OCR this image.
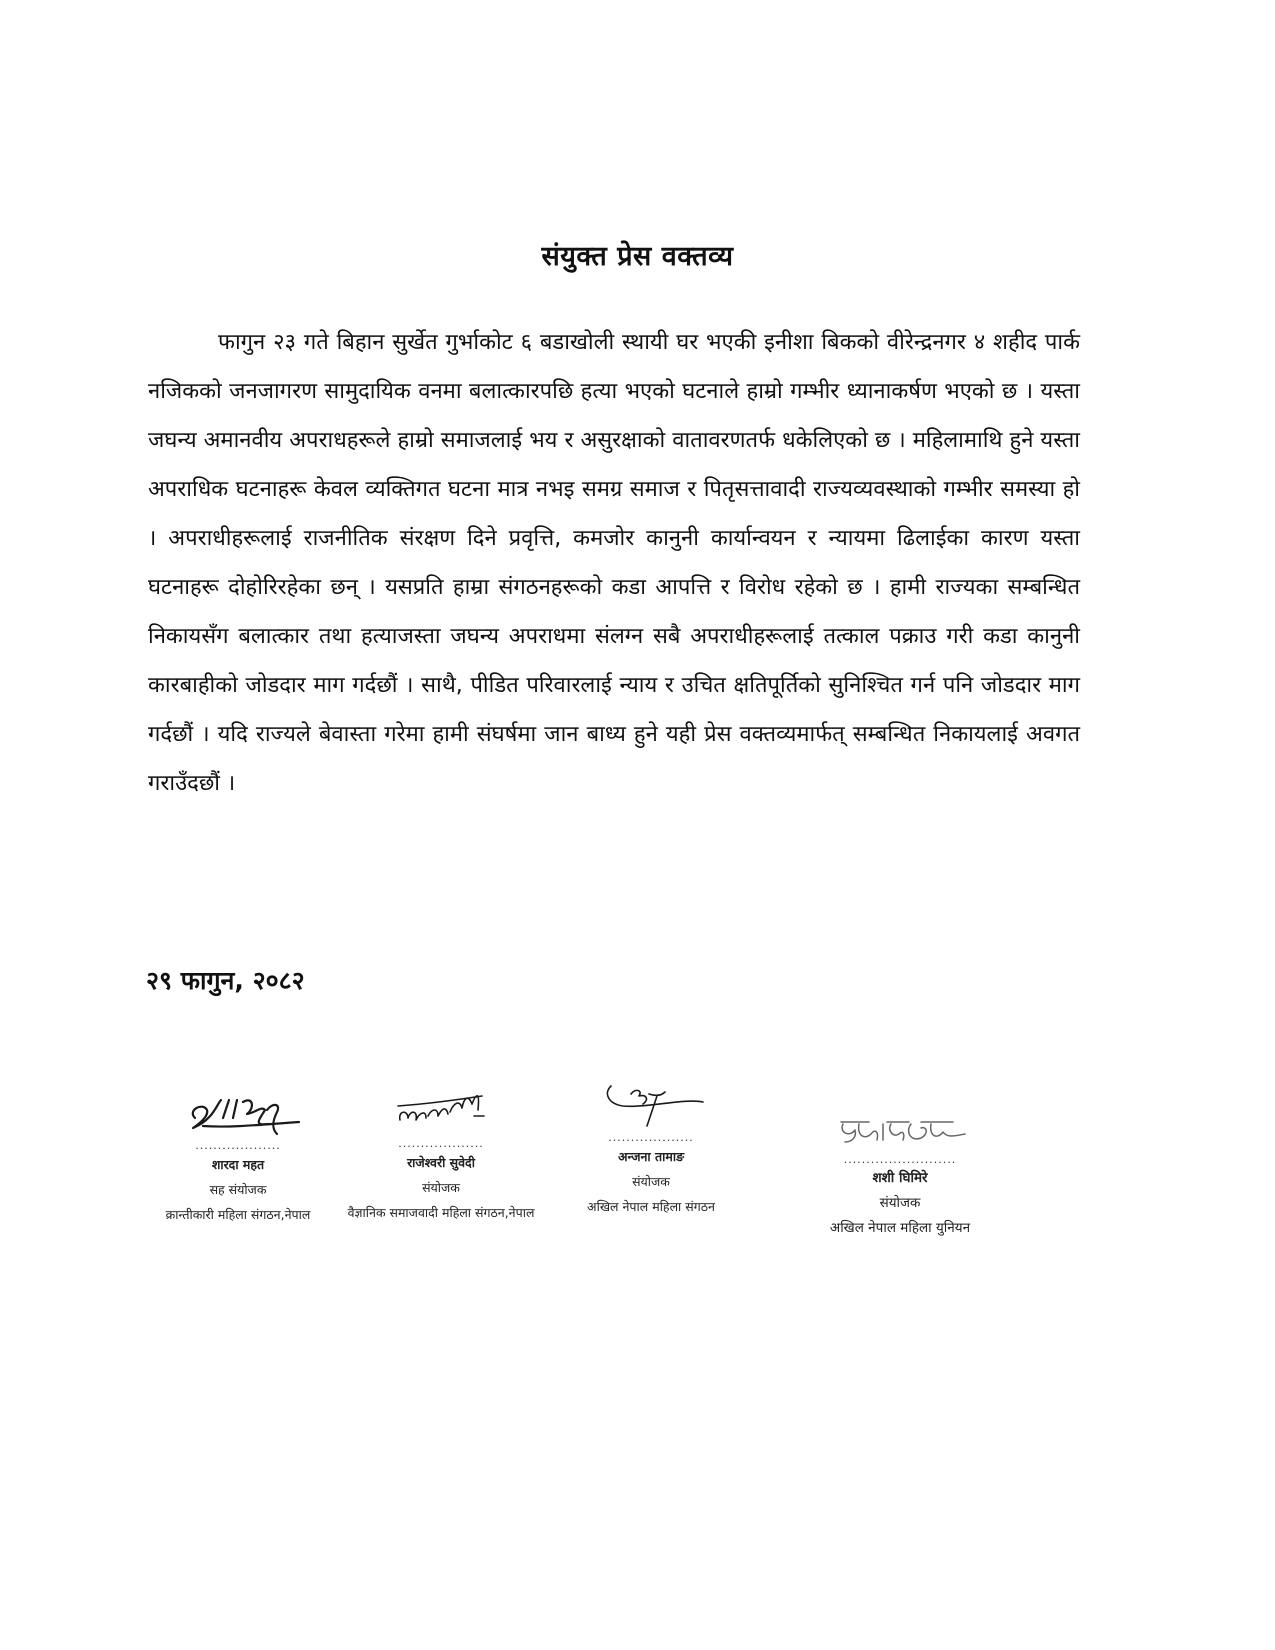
संयुक्त प्रेस वक्तव्य

फागुन २३ गते बिहान सुर्खेत गुर्भाकोट ६ बडाखोली स्थायी घर भएकी इनीशा बिकको वीरेन्द्रनगर ४ शहीद पार्क नजिकको जनजागरण सामुदायिक वनमा बलात्कारपछि हत्या भएको घटनाले हाम्रो गम्भीर ध्यानाकर्षण भएको छ । यस्ता जघन्य अमानवीय अपराधहरूले हाम्रो समाजलाई भय र असुरक्षाको वातावरणतर्फ धकेलिएको छ । महिलामाथि हुने यस्ता अपराधिक घटनाहरू केवल व्यक्तिगत घटना मात्र नभइ समग्र समाज र पितृसत्तावादी राज्यव्यवस्थाको गम्भीर समस्या हो । अपराधीहरूलाई राजनीतिक संरक्षण दिने प्रवृत्ति, कमजोर कानुनी कार्यान्वयन र न्यायमा ढिलाईका कारण यस्ता घटनाहरू दोहोरिरहेका छन् । यसप्रति हाम्रा संगठनहरूको कडा आपत्ति र विरोध रहेको छ । हामी राज्यका सम्बन्धित निकायसँग बलात्कार तथा हत्याजस्ता जघन्य अपराधमा संलग्न सबै अपराधीहरूलाई तत्काल पक्राउ गरी कडा कानुनी कारबाहीको जोडदार माग गर्दछौं । साथै, पीडित परिवारलाई न्याय र उचित क्षतिपूर्तिको सुनिश्चित गर्न पनि जोडदार माग गर्दछौं । यदि राज्यले बेवास्ता गरेमा हामी संघर्षमा जान बाध्य हुने यही प्रेस वक्तव्यमार्फत् सम्बन्धित निकायलाई अवगत गराउँदछौं ।

२९ फागुन, २०८२
...................
शारदा महत
सह संयोजक
क्रान्तीकारी महिला संगठन,नेपाल
...................
राजेश्वरी सुवेदी
संयोजक
वैज्ञानिक समाजवादी महिला संगठन,नेपाल
...................
अन्जना तामाङ
संयोजक
अखिल नेपाल महिला संगठन
.........................
शशी घिमिरे
संयोजक
अखिल नेपाल महिला युनियन
